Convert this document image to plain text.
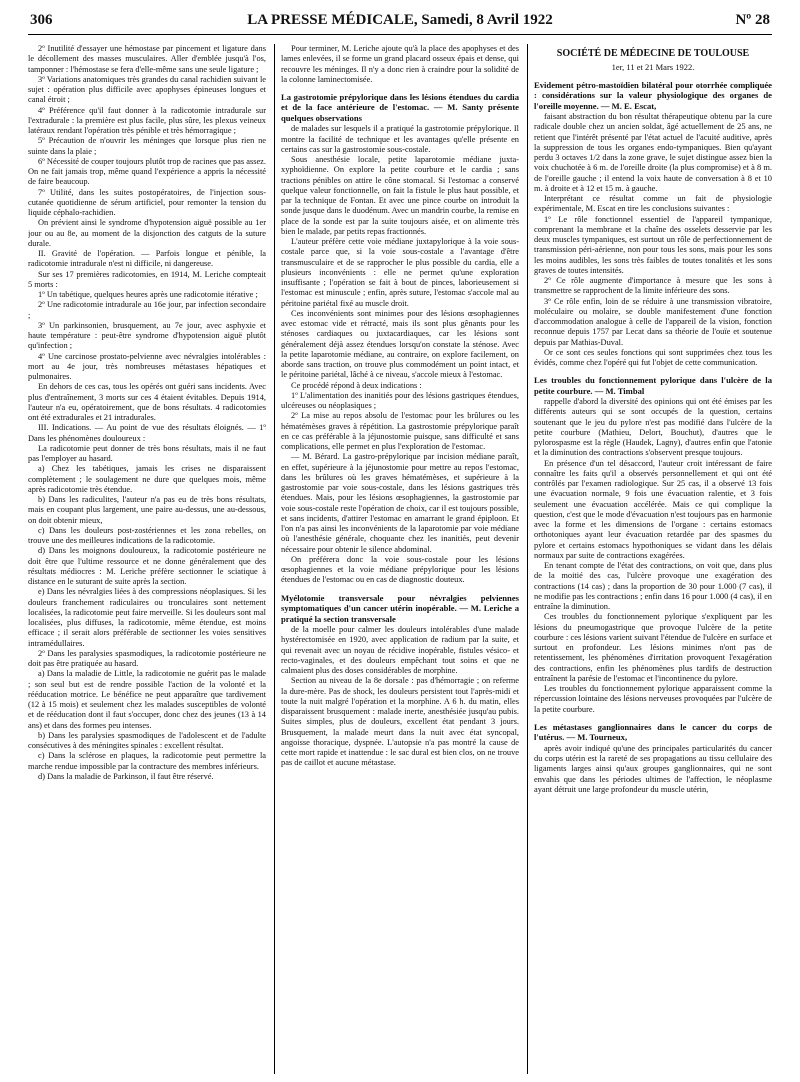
306	LA PRESSE MÉDICALE, Samedi, 8 Avril 1922	Nº 28

2º Inutilité d'essayer une hémostase par pincement et ligature dans le décollement des masses musculaires. Aller d'emblée jusqu'à l'os, tamponner : l'hémostase se fera d'elle-même sans une seule ligature ;

3º Variations anatomiques très grandes du canal rachidien suivant le sujet : opération plus difficile avec apophyses épineuses longues et canal étroit ;

4º Préférence qu'il faut donner à la radicotomie intradurale sur l'extradurale : la première est plus facile, plus sûre, les plexus veineux latéraux rendant l'opération très pénible et très hémorragique ;

5º Précaution de n'ouvrir les méninges que lorsque plus rien ne suinte dans la plaie ;

6º Nécessité de couper toujours plutôt trop de racines que pas assez. On ne fait jamais trop, même quand l'expérience a appris la nécessité de faire beaucoup.

7º Utilité, dans les suites postopératoires, de l'injection sous-cutanée quotidienne de sérum artificiel, pour remonter la tension du liquide céphalo-rachidien.

On prévient ainsi le syndrome d'hypotension aiguë possible au 1er jour ou au 8e, au moment de la disjonction des catguts de la suture durale.

II. Gravité de l'opération. — Parfois longue et pénible, la radicotomie intradurale n'est ni difficile, ni dangereuse.

Sur ses 17 premières radicotomies, en 1914, M. Leriche compteait 5 morts :

1º Un tabétique, quelques heures après une radicotomie itérative ;

2º Une radicotomie intradurale au 16e jour, par infection secondaire ;

3º Un parkinsonien, brusquement, au 7e jour, avec asphyxie et haute température : peut-être syndrome d'hypotension aiguë plutôt qu'infection ;

4º Une carcinose prostato-pelvienne avec névralgies intolérables : mort au 4e jour, très nombreuses métastases hépatiques et pulmonaires.

En dehors de ces cas, tous les opérés ont guéri sans incidents. Avec plus d'entraînement, 3 morts sur ces 4 étaient évitables. Depuis 1914, l'auteur n'a eu, opératoirement, que de bons résultats. 4 radicotomies ont été extradurales et 21 intradurales.

III. Indications. — Au point de vue des résultats éloignés. — 1º Dans les phénomènes douloureux :

La radicotomie peut donner de très bons résultats, mais il ne faut pas l'employer au hasard.

a) Chez les tabétiques, jamais les crises ne disparaissent complètement ; le soulagement ne dure que quelques mois, même après radicotomie très étendue.

b) Dans les radiculites, l'auteur n'a pas eu de très bons résultats, mais en coupant plus largement, une paire au-dessus, une au-dessous, on doit obtenir mieux,

c) Dans les douleurs post-zostériennes et les zona rebelles, on trouve une des meilleures indications de la radicotomie.

d) Dans les moignons douloureux, la radicotomie postérieure ne doit être que l'ultime ressource et ne donne généralement que des résultats médiocres : M. Leriche préfère sectionner le sciatique à distance en le suturant de suite après la section.

e) Dans les névralgies liées à des compressions néoplasiques. Si les douleurs franchement radiculaires ou tronculaires sont nettement localisées, la radicotomie peut faire merveille. Si les douleurs sont mal localisées, plus diffuses, la radicotomie, même étendue, est moins efficace ; il serait alors préférable de sectionner les voies sensitives intramédullaires.

2º Dans les paralysies spasmodiques, la radicotomie postérieure ne doit pas être pratiquée au hasard.

a) Dans la maladie de Little, la radicotomie ne guérit pas le malade ; son seul but est de rendre possible l'action de la volonté et la rééducation motrice. Le bénéfice ne peut apparaître que tardivement (12 à 15 mois) et seulement chez les malades susceptibles de volonté et de rééducation dont il faut s'occuper, donc chez des jeunes (13 à 14 ans) et dans des formes peu intenses.

b) Dans les paralysies spasmodiques de l'adolescent et de l'adulte consécutives à des méningites spinales : excellent résultat.

c) Dans la sclérose en plaques, la radicotomie peut permettre la marche rendue impossible par la contracture des membres inférieurs.

d) Dans la maladie de Parkinson, il faut être réservé.

Pour terminer, M. Leriche ajoute qu'à la place des apophyses et des lames enlevées, il se forme un grand placard osseux épais et dense, qui recouvre les méninges. Il n'y a donc rien à craindre pour la solidité de la colonne laminectomisée.

La gastrotomie prépylorique dans les lésions étendues du cardia et de la face antérieure de l'estomac. — M. Santy présente quelques observations

de malades sur lesquels il a pratiqué la gastrotomie prépylorique. Il montre la facilité de technique et les avantages qu'elle présente en certains cas sur la gastrostomie sous-costale.

Sous anesthésie locale, petite laparotomie médiane juxta-xyphoïdienne. On explore la petite courbure et le cardia ; sans tractions pénibles on attire le cône stomacal. Si l'estomac a conservé quelque valeur fonctionnelle, on fait la fistule le plus haut possible, et par la technique de Fontan. Et avec une pince courbe on introduit la sonde jusque dans le duodénum. Avec un mandrin courbe, la remise en place de la sonde est par la suite toujours aisée, et on alimente très bien le malade, par petits repas fractionnés.

L'auteur préfère cette voie médiane juxtapylorique à la voie sous-costale parce que, si la voie sous-costale a l'avantage d'être transmusculaire et de se rapprocher le plus possible du cardia, elle a plusieurs inconvénients : elle ne permet qu'une exploration insuffisante ; l'opération se fait à bout de pinces, laborieusement si l'estomac est minuscule ; enfin, après suture, l'estomac s'accole mal au péritoine pariétal fixé au muscle droit.

Ces inconvénients sont minimes pour des lésions œsophagiennes avec estomac vide et rétracté, mais ils sont plus gênants pour les sténoses cardiaques ou juxtacardiaques, car les lésions sont généralement déjà assez étendues lorsqu'on constate la sténose. Avec la petite laparotomie médiane, au contraire, on explore facilement, on aborde sans traction, on trouve plus commodément un point intact, et le péritoine pariétal, lâché à ce niveau, s'accole mieux à l'estomac.

Ce procédé répond à deux indications :

1º L'alimentation des inanitiés pour des lésions gastriques étendues, ulcéreuses ou néoplasiques ;

2º La mise au repos absolu de l'estomac pour les brûlures ou les hématémèses graves à répétition. La gastrostomie prépylorique paraît en ce cas préférable à la jéjunostomie puisque, sans difficulté et sans complications, elle permet en plus l'exploration de l'estomac.

— M. Bérard. La gastro-prépylorique par incision médiane paraît, en effet, supérieure à la jéjunostomie pour mettre au repos l'estomac, dans les brûlures où les graves hématémèses, et supérieure à la gastrostomie par voie sous-costale, dans les lésions gastriques très étendues. Mais, pour les lésions œsophagiennes, la gastrostomie par voie sous-costale reste l'opération de choix, car il est toujours possible, et sans incidents, d'attirer l'estomac en amarrant le grand épiploon. Et l'on n'a pas ainsi les inconvénients de la laparotomie par voie médiane où l'anesthésie générale, choquante chez les inanitiés, peut devenir nécessaire pour obtenir le silence abdominal.

On préférera donc la voie sous-costale pour les lésions œsophagiennes et la voie médiane prépylorique pour les lésions étendues de l'estomac ou en cas de diagnostic douteux.

Myélotomie transversale pour névralgies pelviennes symptomatiques d'un cancer utérin inopérable. — M. Leriche a pratiqué la section transversale

de la moelle pour calmer les douleurs intolérables d'une malade hystérectomisée en 1920, avec application de radium par la suite, et qui revenait avec un noyau de récidive inopérable, fistules vésico- et recto-vaginales, et des douleurs empêchant tout soins et que ne calmaient plus des doses considérables de morphine.

Section au niveau de la 8e dorsale : pas d'hémorragie ; on referme la dure-mère. Pas de shock, les douleurs persistent tout l'après-midi et toute la nuit malgré l'opération et la morphine. A 6 h. du matin, elles disparaissent brusquement : malade inerte, anesthésiée jusqu'au pubis. Suites simples, plus de douleurs, excellent état pendant 3 jours. Brusquement, la malade meurt dans la nuit avec état syncopal, angoisse thoracique, dyspnée. L'autopsie n'a pas montré la cause de cette mort rapide et inattendue : le sac dural est bien clos, on ne trouve pas de caillot et aucune métastase.

SOCIÉTÉ DE MÉDECINE DE TOULOUSE
1er, 11 et 21 Mars 1922.
Evidement pétro-mastoïdien bilatéral pour otorrhée compliquée : considérations sur la valeur physiologique des organes de l'oreille moyenne. — M. E. Escat,

faisant abstraction du bon résultat thérapeutique obtenu par la cure radicale double chez un ancien soldat, âgé actuellement de 25 ans, ne retient que l'intérêt présenté par l'état actuel de l'acuité auditive, après la suppression de tous les organes endo-tympaniques. Bien qu'ayant perdu 3 octaves 1/2 dans la zone grave, le sujet distingue assez bien la voix chuchotée à 6 m. de l'oreille droite (la plus compromise) et à 8 m. de l'oreille gauche ; il entend la voix haute de conversation à 8 et 10 m. à droite et à 12 et 15 m. à gauche.

Interprétant ce résultat comme un fait de physiologie expérimentale, M. Escat en tire les conclusions suivantes :

1º Le rôle fonctionnel essentiel de l'appareil tympanique, comprenant la membrane et la chaîne des osselets desservie par les deux muscles tympaniques, est surtout un rôle de perfectionnement de transmission péri-aérienne, non pour tous les sons, mais pour les sons les moins audibles, les sons très faibles de toutes tonalités et les sons graves de toutes intensités.

2º Ce rôle augmente d'importance à mesure que les sons à transmettre se rapprochent de la limite inférieure des sons.

3º Ce rôle enfin, loin de se réduire à une transmission vibratoire, moléculaire ou molaire, se double manifestement d'une fonction d'accommodation analogue à celle de l'appareil de la vision, fonction reconnue depuis 1757 par Lecat dans sa théorie de l'ouïe et soutenue depuis par Mathias-Duval.

Or ce sont ces seules fonctions qui sont supprimées chez tous les évidés, comme chez l'opéré qui fut l'objet de cette communication.

Les troubles du fonctionnement pylorique dans l'ulcère de la petite courbure. — M. Timbal

rappelle d'abord la diversité des opinions qui ont été émises par les différents auteurs qui se sont occupés de la question, certains soutenant que le jeu du pylore n'est pas modifié dans l'ulcère de la petite courbure (Mathieu, Delort, Bouchut), d'autres que le pylorospasme est la règle (Haudek, Lagny), d'autres enfin que l'atonie et la diminution des contractions s'observent presque toujours.

En présence d'un tel désaccord, l'auteur croit intéressant de faire connaître les faits qu'il a observés personnellement et qui ont été contrôlés par l'examen radiologique. Sur 25 cas, il a observé 13 fois une évacuation normale, 9 fois une évacuation ralentie, et 3 fois seulement une évacuation accélérée. Mais ce qui complique la question, c'est que le mode d'évacuation n'est toujours pas en harmonie avec la forme et les dimensions de l'organe : certains estomacs orthotoniques ayant leur évacuation retardée par des spasmes du pylore et certains estomacs hypothoniques se vidant dans les délais normaux par suite de contractions exagérées.

En tenant compte de l'état des contractions, on voit que, dans plus de la moitié des cas, l'ulcère provoque une exagération des contractions (14 cas) ; dans la proportion de 30 pour 1.000 (7 cas), il ne modifie pas les contractions ; enfin dans 16 pour 1.000 (4 cas), il en entraîne la diminution.

Ces troubles du fonctionnement pylorique s'expliquent par les lésions du pneumogastrique que provoque l'ulcère de la petite courbure : ces lésions varient suivant l'étendue de l'ulcère en surface et surtout en profondeur. Les lésions minimes n'ont pas de retentissement, les phénomènes d'irritation provoquent l'exagération des contractions, enfin les phénomènes plus tardifs de destruction entraînent la parésie de l'estomac et l'incontinence du pylore.

Les troubles du fonctionnement pylorique apparaissent comme la répercussion lointaine des lésions nerveuses provoquées par l'ulcère de la petite courbure.

Les métastases ganglionnaires dans le cancer du corps de l'utérus. — M. Tourneux,

après avoir indiqué qu'une des principales particularités du cancer du corps utérin est la rareté de ses propagations au tissu cellulaire des ligaments larges ainsi qu'aux groupes ganglionnaires, qui ne sont envahis que dans les périodes ultimes de l'affection, le néoplasme ayant détruit une large profondeur du muscle utérin,
